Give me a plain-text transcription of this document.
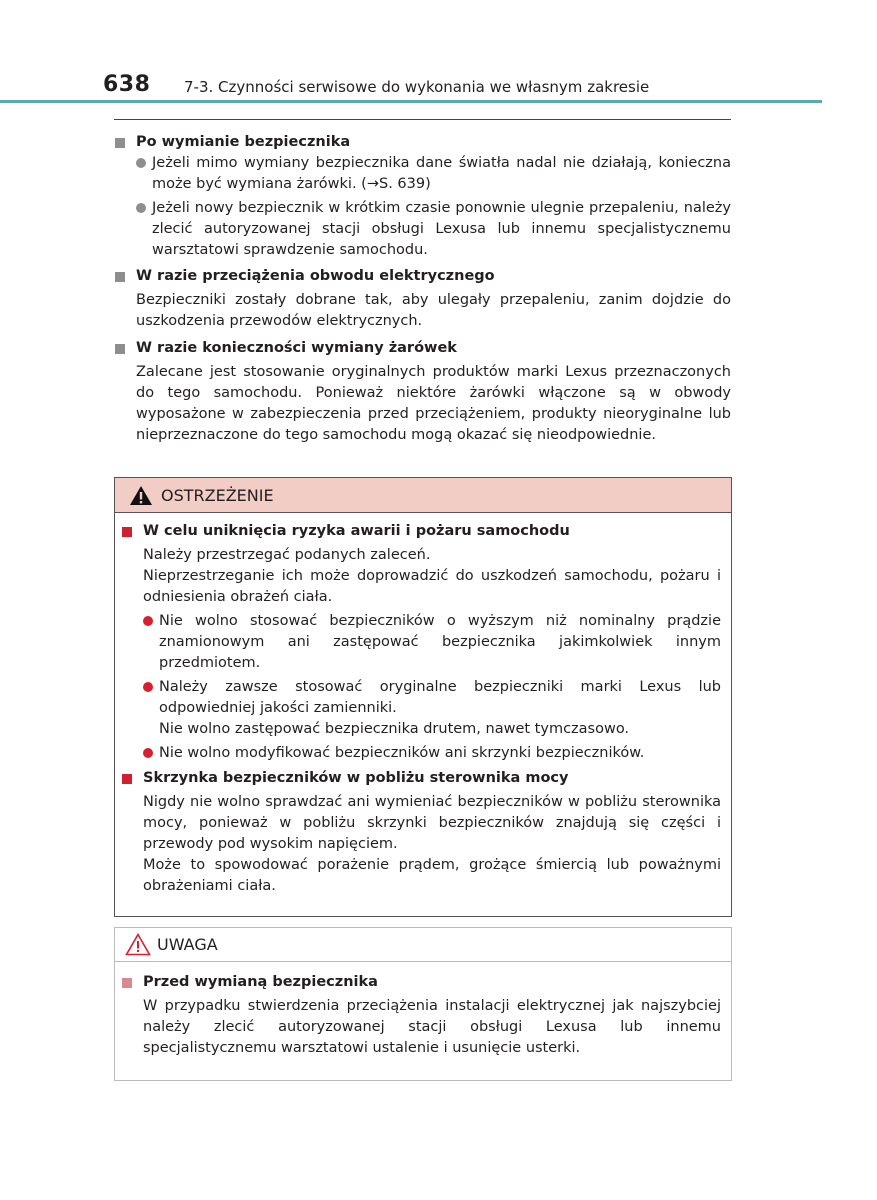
638 7-3. Czynności serwisowe do wykonania we własnym zakresie
Po wymianie bezpiecznika
Jeżeli mimo wymiany bezpiecznika dane światła nadal nie działają, konieczna może być wymiana żarówki. (→S. 639)
Jeżeli nowy bezpiecznik w krótkim czasie ponownie ulegnie przepaleniu, należy zlecić autoryzowanej stacji obsługi Lexusa lub innemu specjalistycznemu warsztatowi sprawdzenie samochodu.
W razie przeciążenia obwodu elektrycznego
Bezpieczniki zostały dobrane tak, aby ulegały przepaleniu, zanim dojdzie do uszkodzenia przewodów elektrycznych.
W razie konieczności wymiany żarówek
Zalecane jest stosowanie oryginalnych produktów marki Lexus przeznaczonych do tego samochodu. Ponieważ niektóre żarówki włączone są w obwody wyposażone w zabezpieczenia przed przeciążeniem, produkty nieoryginalne lub nieprzeznaczone do tego samochodu mogą okazać się nieodpowiednie.
OSTRZEŻENIE
W celu uniknięcia ryzyka awarii i pożaru samochodu
Należy przestrzegać podanych zaleceń.
Nieprzestrzeganie ich może doprowadzić do uszkodzeń samochodu, pożaru i odniesienia obrażeń ciała.
Nie wolno stosować bezpieczników o wyższym niż nominalny prądzie znamionowym ani zastępować bezpiecznika jakimkolwiek innym przedmiotem.
Należy zawsze stosować oryginalne bezpieczniki marki Lexus lub odpowiedniej jakości zamienniki.
Nie wolno zastępować bezpiecznika drutem, nawet tymczasowo.
Nie wolno modyfikować bezpieczników ani skrzynki bezpieczników.
Skrzynka bezpieczników w pobliżu sterownika mocy
Nigdy nie wolno sprawdzać ani wymieniać bezpieczników w pobliżu sterownika mocy, ponieważ w pobliżu skrzynki bezpieczników znajdują się części i przewody pod wysokim napięciem.
Może to spowodować porażenie prądem, grożące śmiercią lub poważnymi obrażeniami ciała.
UWAGA
Przed wymianą bezpiecznika
W przypadku stwierdzenia przeciążenia instalacji elektrycznej jak najszybciej należy zlecić autoryzowanej stacji obsługi Lexusa lub innemu specjalistycznemu warsztatowi ustalenie i usunięcie usterki.
